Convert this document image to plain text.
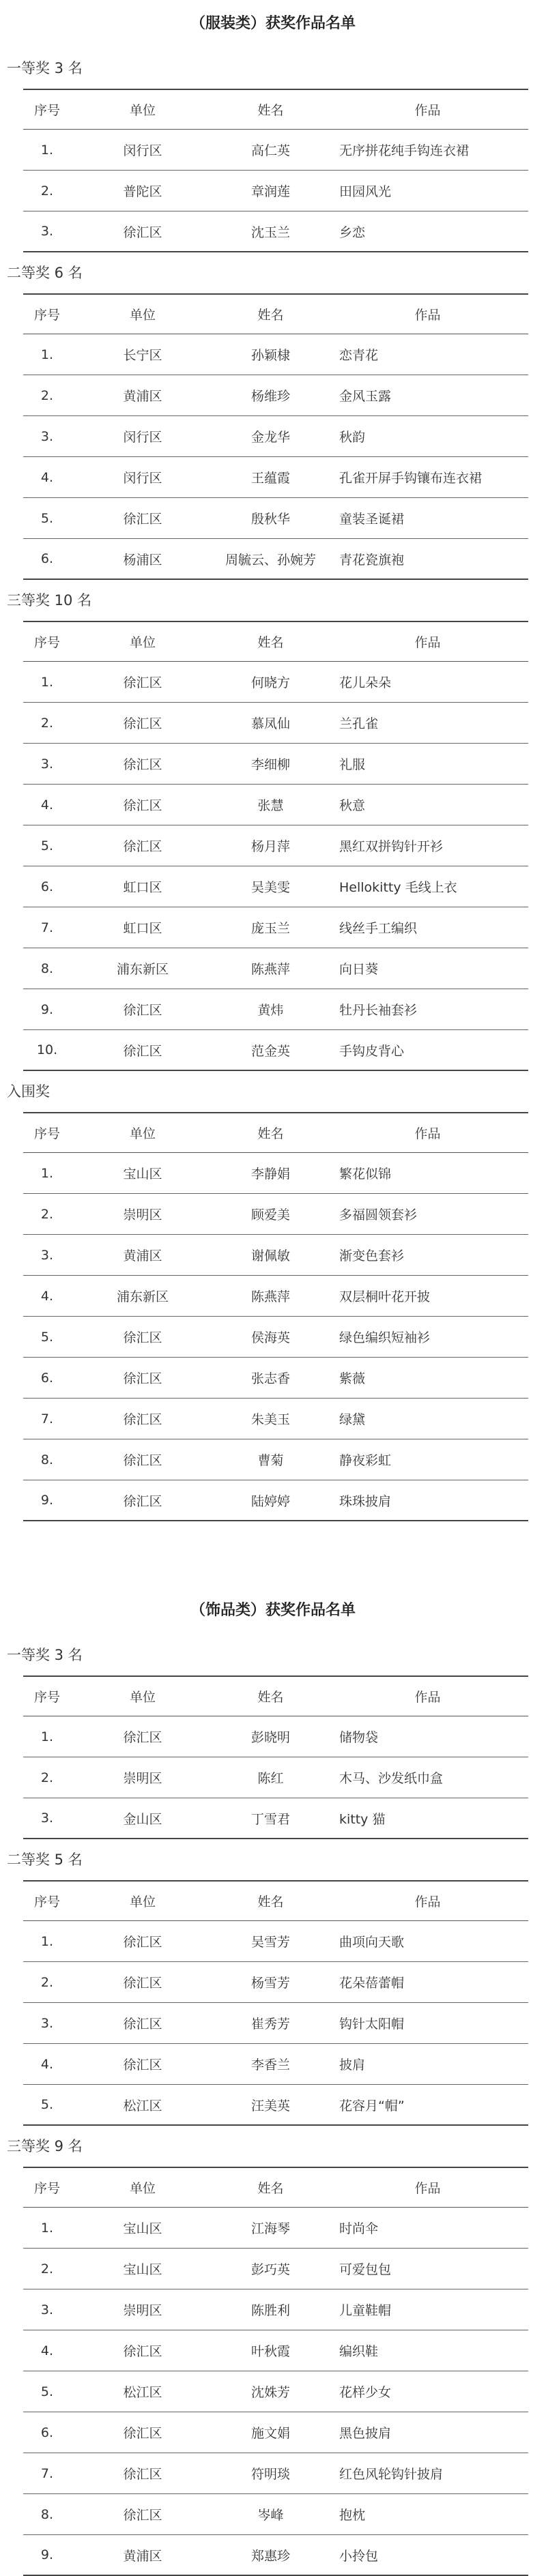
（服装类）获奖作品名单
一等奖 3 名
序号	单位	姓名	作品
1.	闵行区	高仁英	无序拼花纯手钩连衣裙
2.	普陀区	章润莲	田园风光
3.	徐汇区	沈玉兰	乡恋
二等奖 6 名
序号	单位	姓名	作品
1.	长宁区	孙颖棣	恋青花
2.	黄浦区	杨维珍	金风玉露
3.	闵行区	金龙华	秋韵
4.	闵行区	王蕴霞	孔雀开屏手钩镶布连衣裙
5.	徐汇区	殷秋华	童装圣诞裙
6.	杨浦区	周毓云、孙婉芳	青花瓷旗袍
三等奖 10 名
序号	单位	姓名	作品
1.	徐汇区	何晓方	花儿朵朵
2.	徐汇区	慕凤仙	兰孔雀
3.	徐汇区	李细柳	礼服
4.	徐汇区	张慧	秋意
5.	徐汇区	杨月萍	黑红双拼钩针开衫
6.	虹口区	吴美雯	Hellokitty 毛线上衣
7.	虹口区	庞玉兰	线丝手工编织
8.	浦东新区	陈燕萍	向日葵
9.	徐汇区	黄炜	牡丹长袖套衫
10.	徐汇区	范金英	手钩皮背心
入围奖
序号	单位	姓名	作品
1.	宝山区	李静娟	繁花似锦
2.	崇明区	顾爱美	多福圆领套衫
3.	黄浦区	谢佩敏	渐变色套衫
4.	浦东新区	陈燕萍	双层桐叶花开披
5.	徐汇区	侯海英	绿色编织短袖衫
6.	徐汇区	张志香	紫薇
7.	徐汇区	朱美玉	绿黛
8.	徐汇区	曹菊	静夜彩虹
9.	徐汇区	陆婷婷	珠珠披肩
（饰品类）获奖作品名单
一等奖 3 名
序号	单位	姓名	作品
1.	徐汇区	彭晓明	储物袋
2.	崇明区	陈红	木马、沙发纸巾盒
3.	金山区	丁雪君	kitty 猫
二等奖 5 名
序号	单位	姓名	作品
1.	徐汇区	吴雪芳	曲项向天歌
2.	徐汇区	杨雪芳	花朵蓓蕾帽
3.	徐汇区	崔秀芳	钩针太阳帽
4.	徐汇区	李香兰	披肩
5.	松江区	汪美英	花容月“帽”
三等奖 9 名
序号	单位	姓名	作品
1.	宝山区	江海琴	时尚伞
2.	宝山区	彭巧英	可爱包包
3.	崇明区	陈胜利	儿童鞋帽
4.	徐汇区	叶秋霞	编织鞋
5.	松江区	沈姝芳	花样少女
6.	徐汇区	施文娟	黑色披肩
7.	徐汇区	符明琰	红色风轮钩针披肩
8.	徐汇区	岑峰	抱枕
9.	黄浦区	郑惠珍	小拎包
